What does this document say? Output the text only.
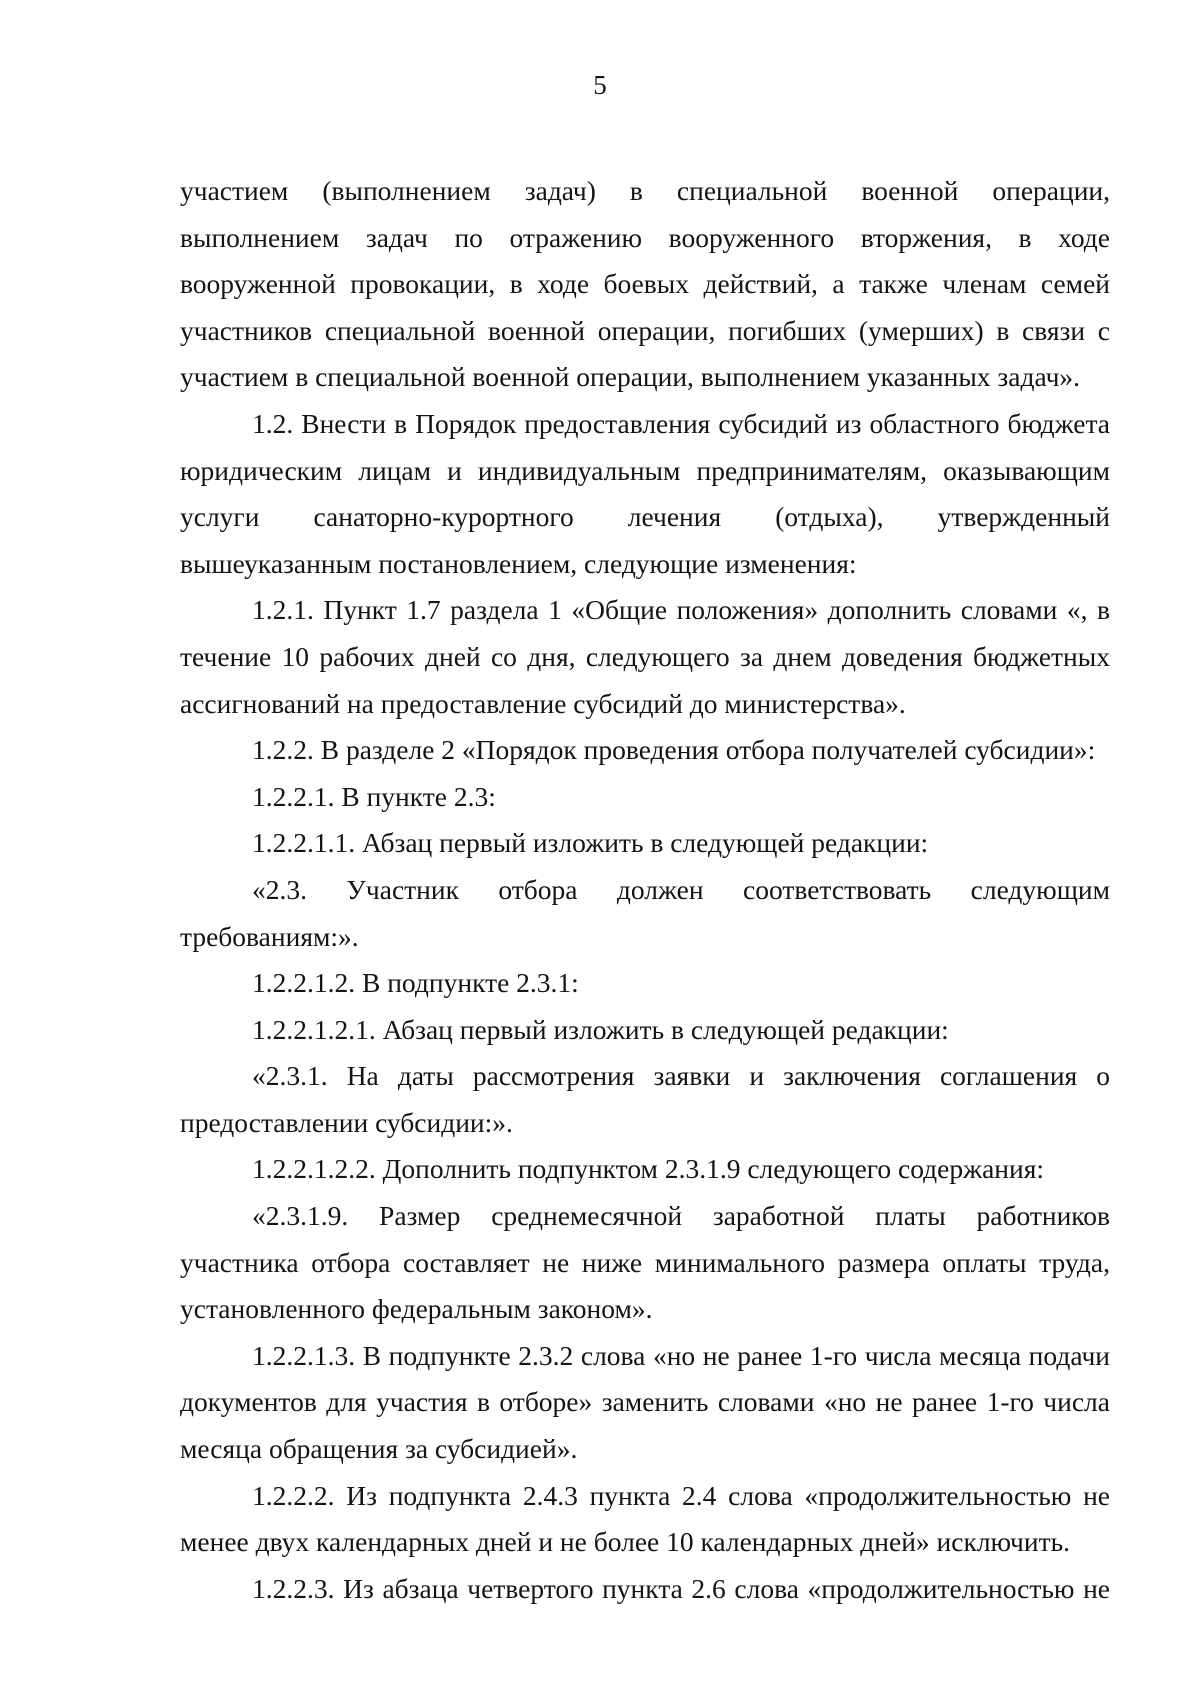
5

участием (выполнением задач) в специальной военной операции, выполнением задач по отражению вооруженного вторжения, в ходе вооруженной провокации, в ходе боевых действий, а также членам семей участников специальной военной операции, погибших (умерших) в связи с участием в специальной военной операции, выполнением указанных задач».

1.2. Внести в Порядок предоставления субсидий из областного бюджета юридическим лицам и индивидуальным предпринимателям, оказывающим услуги санаторно-курортного лечения (отдыха), утвержденный вышеуказанным постановлением, следующие изменения:

1.2.1. Пункт 1.7 раздела 1 «Общие положения» дополнить словами «, в течение 10 рабочих дней со дня, следующего за днем доведения бюджетных ассигнований на предоставление субсидий до министерства».

1.2.2. В разделе 2 «Порядок проведения отбора получателей субсидии»:

1.2.2.1. В пункте 2.3:

1.2.2.1.1. Абзац первый изложить в следующей редакции:

«2.3. Участник отбора должен соответствовать следующим требованиям:».

1.2.2.1.2. В подпункте 2.3.1:

1.2.2.1.2.1. Абзац первый изложить в следующей редакции:

«2.3.1. На даты рассмотрения заявки и заключения соглашения о предоставлении субсидии:».

1.2.2.1.2.2. Дополнить подпунктом 2.3.1.9 следующего содержания:

«2.3.1.9. Размер среднемесячной заработной платы работников участника отбора составляет не ниже минимального размера оплаты труда, установленного федеральным законом».

1.2.2.1.3. В подпункте 2.3.2 слова «но не ранее 1-го числа месяца подачи документов для участия в отборе» заменить словами «но не ранее 1-го числа месяца обращения за субсидией».

1.2.2.2. Из подпункта 2.4.3 пункта 2.4 слова «продолжительностью не менее двух календарных дней и не более 10 календарных дней» исключить.

1.2.2.3. Из абзаца четвертого пункта 2.6 слова «продолжительностью не
